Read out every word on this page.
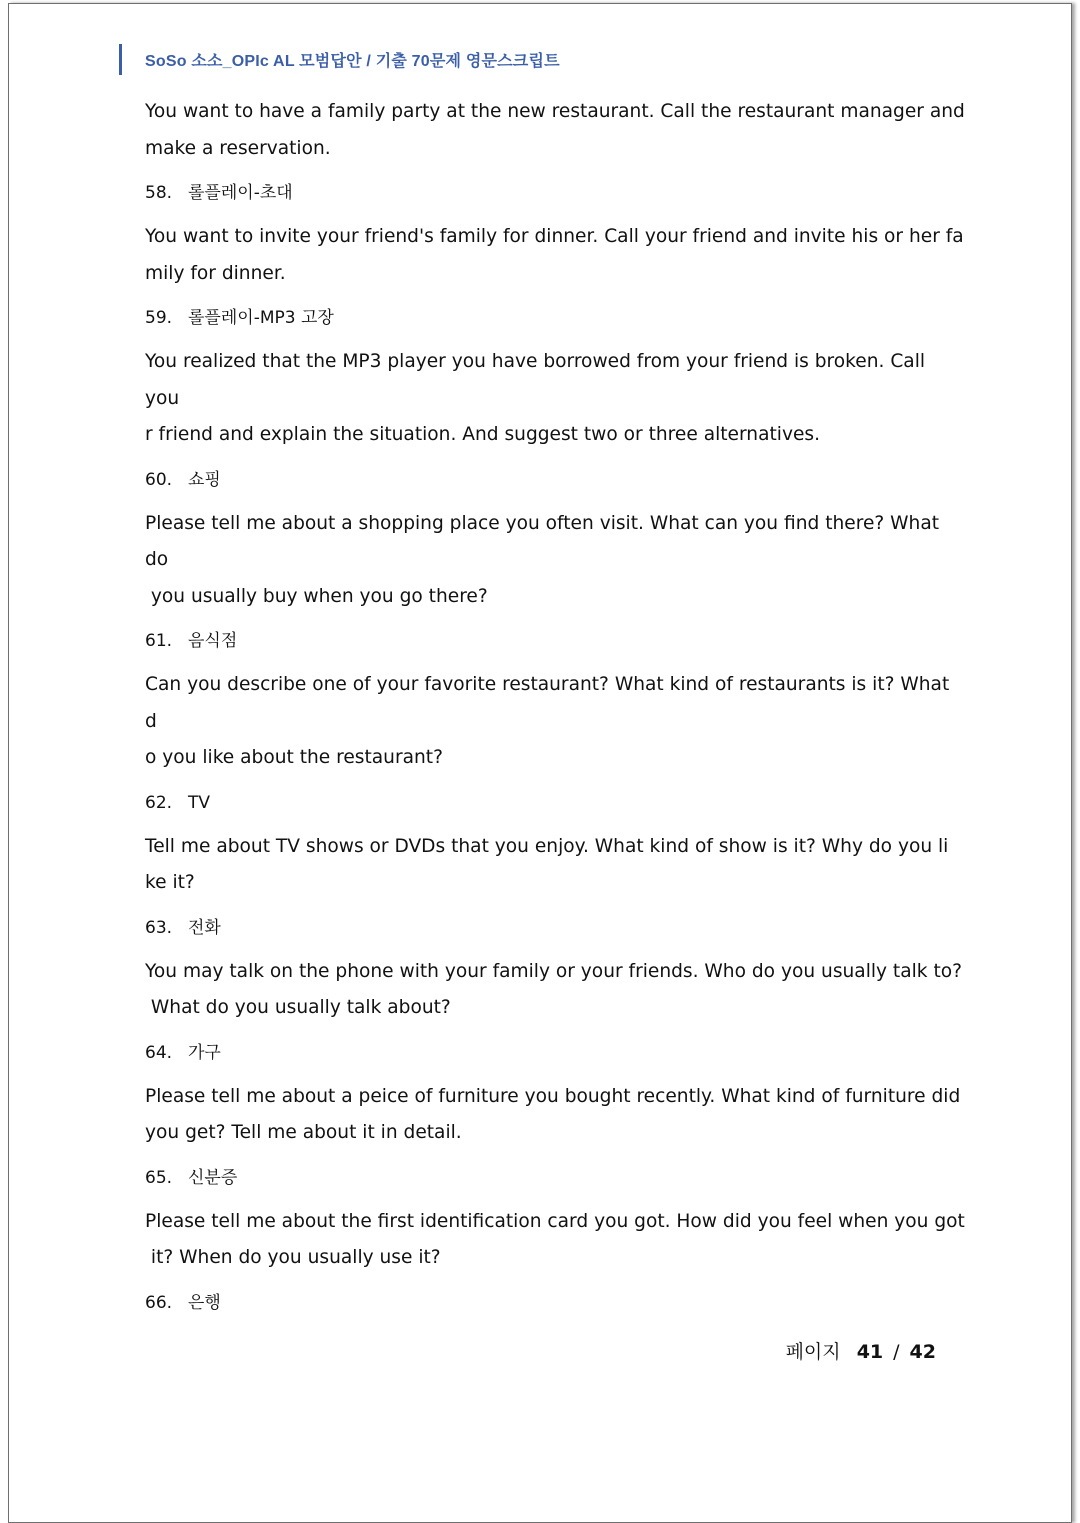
SoSo 소소_OPIc AL 모범답안 / 기출 70문제 영문스크립트

You want to have a family party at the new restaurant. Call the restaurant manager and

make a reservation.

58. 롤플레이-초대

You want to invite your friend's family for dinner. Call your friend and invite his or her fa

mily for dinner.

59. 롤플레이-MP3 고장

You realized that the MP3 player you have borrowed from your friend is broken. Call you

r friend and explain the situation. And suggest two or three alternatives.

60. 쇼핑

Please tell me about a shopping place you often visit. What can you find there? What do

you usually buy when you go there?

61. 음식점

Can you describe one of your favorite restaurant? What kind of restaurants is it? What d

o you like about the restaurant?

62. TV

Tell me about TV shows or DVDs that you enjoy. What kind of show is it? Why do you li

ke it?

63. 전화

You may talk on the phone with your family or your friends. Who do you usually talk to?

What do you usually talk about?

64. 가구

Please tell me about a peice of furniture you bought recently. What kind of furniture did

you get? Tell me about it in detail.

65. 신분증

Please tell me about the first identification card you got. How did you feel when you got

it? When do you usually use it?

66. 은행
페이지 41 / 42
